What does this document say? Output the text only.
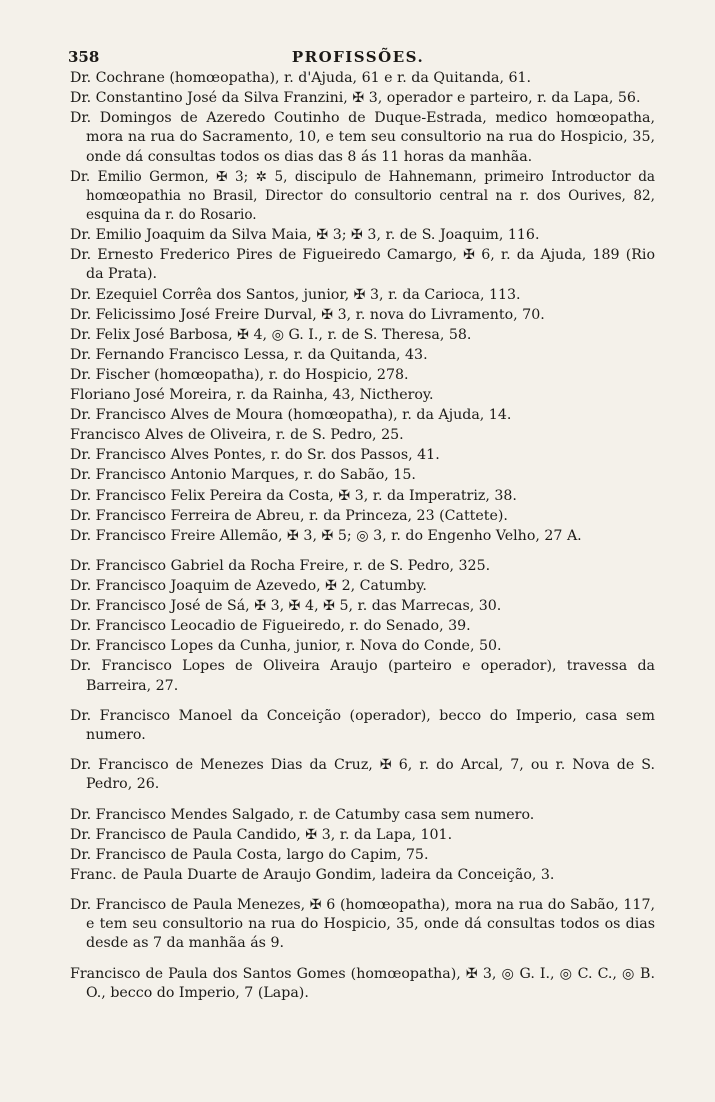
358	PROFISSÕES.

Dr. Cochrane (homœopatha), r. d'Ajuda, 61 e r. da Quitanda, 61.

Dr. Constantino José da Silva Franzini, ✠ 3, operador e parteiro, r. da Lapa, 56.

Dr. Domingos de Azeredo Coutinho de Duque-Estrada, medico homœopatha, mora na rua do Sacramento, 10, e tem seu consultorio na rua do Hospicio, 35, onde dá consultas todos os dias das 8 ás 11 horas da manhãa.

Dr. Emilio Germon, ✠ 3; ✲ 5, discipulo de Hahnemann, primeiro Introductor da homœopathia no Brasil, Director do consultorio central na r. dos Ourives, 82, esquina da r. do Rosario.

Dr. Emilio Joaquim da Silva Maia, ✠ 3; ✠ 3, r. de S. Joaquim, 116.

Dr. Ernesto Frederico Pires de Figueiredo Camargo, ✠ 6, r. da Ajuda, 189 (Rio da Prata).

Dr. Ezequiel Corrêa dos Santos, junior, ✠ 3, r. da Carioca, 113.

Dr. Felicissimo José Freire Durval, ✠ 3, r. nova do Livramento, 70.

Dr. Felix José Barbosa, ✠ 4, ◎ G. I., r. de S. Theresa, 58.

Dr. Fernando Francisco Lessa, r. da Quitanda, 43.

Dr. Fischer (homœopatha), r. do Hospicio, 278.

Floriano José Moreira, r. da Rainha, 43, Nictheroy.

Dr. Francisco Alves de Moura (homœopatha), r. da Ajuda, 14.

Francisco Alves de Oliveira, r. de S. Pedro, 25.

Dr. Francisco Alves Pontes, r. do Sr. dos Passos, 41.

Dr. Francisco Antonio Marques, r. do Sabão, 15.

Dr. Francisco Felix Pereira da Costa, ✠ 3, r. da Imperatriz, 38.

Dr. Francisco Ferreira de Abreu, r. da Princeza, 23 (Cattete).

Dr. Francisco Freire Allemão, ✠ 3, ✠ 5; ◎ 3, r. do Engenho Velho, 27 A.

Dr. Francisco Gabriel da Rocha Freire, r. de S. Pedro, 325.

Dr. Francisco Joaquim de Azevedo, ✠ 2, Catumby.

Dr. Francisco José de Sá, ✠ 3, ✠ 4, ✠ 5, r. das Marrecas, 30.

Dr. Francisco Leocadio de Figueiredo, r. do Senado, 39.

Dr. Francisco Lopes da Cunha, junior, r. Nova do Conde, 50.

Dr. Francisco Lopes de Oliveira Araujo (parteiro e operador), travessa da Barreira, 27.

Dr. Francisco Manoel da Conceição (operador), becco do Imperio, casa sem numero.

Dr. Francisco de Menezes Dias da Cruz, ✠ 6, r. do Arcal, 7, ou r. Nova de S. Pedro, 26.

Dr. Francisco Mendes Salgado, r. de Catumby casa sem numero.

Dr. Francisco de Paula Candido, ✠ 3, r. da Lapa, 101.

Dr. Francisco de Paula Costa, largo do Capim, 75.

Franc. de Paula Duarte de Araujo Gondim, ladeira da Conceição, 3.

Dr. Francisco de Paula Menezes, ✠ 6 (homœopatha), mora na rua do Sabão, 117, e tem seu consultorio na rua do Hospicio, 35, onde dá consultas todos os dias desde as 7 da manhãa ás 9.

Francisco de Paula dos Santos Gomes (homœopatha), ✠ 3, ◎ G. I., ◎ C. C., ◎ B. O., becco do Imperio, 7 (Lapa).
